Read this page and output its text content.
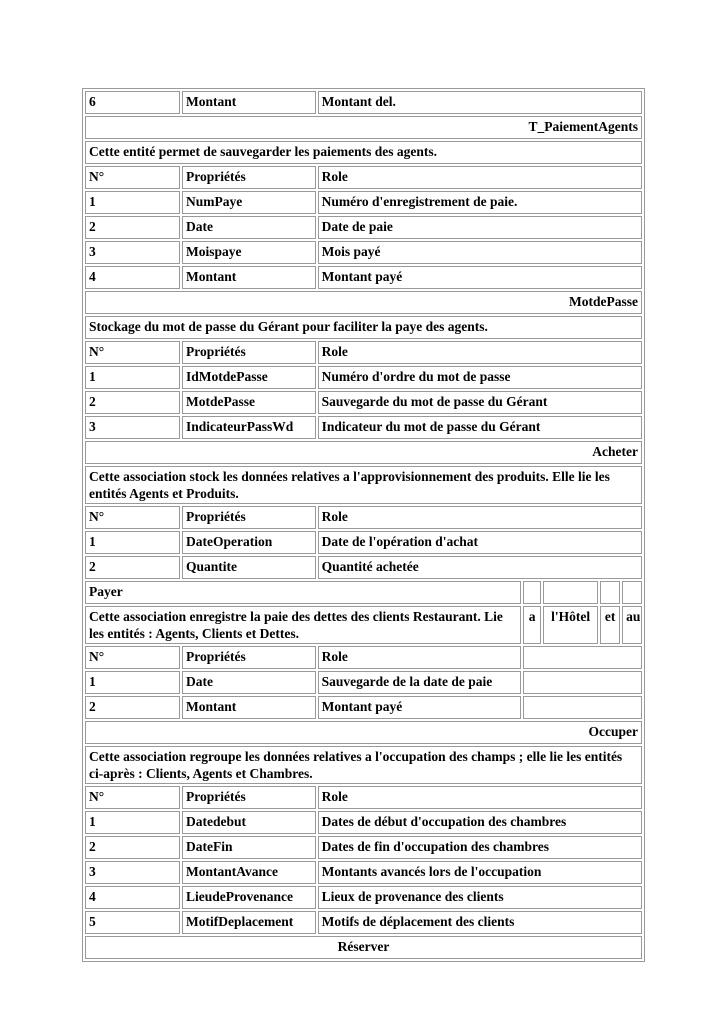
6	Montant	Montant del.				
T_PaiementAgents						
Cette entité permet de sauvegarder les paiements des agents.						
N°	Propriétés	Role				
1	NumPaye	Numéro d'enregistrement de paie.				
2	Date	Date de paie				
3	Moispaye	Mois payé				
4	Montant	Montant payé				
MotdePasse						
Stockage du mot de passe du Gérant pour faciliter la paye des agents.						
N°	Propriétés	Role				
1	IdMotdePasse	Numéro d'ordre du mot de passe				
2	MotdePasse	Sauvegarde du mot de passe du Gérant				
3	IndicateurPassWd	Indicateur du mot de passe du Gérant				
Acheter						
Cette association stock les données relatives a l'approvisionnement des produits. Elle lie les entités Agents et Produits.						
N°	Propriétés	Role				
1	DateOperation	Date de l'opération d'achat				
2	Quantite	Quantité achetée				
Payer						
Cette association enregistre la paie des dettes des clients Restaurant. Lie les entités : Agents, Clients et Dettes.			a	l'Hôtel	et	au
N°	Propriétés	Role				
1	Date	Sauvegarde de la date de paie				
2	Montant	Montant payé				
Occuper						
Cette association regroupe les données relatives a l'occupation des champs ; elle lie les entités ci-après : Clients, Agents et Chambres.						
N°	Propriétés	Role				
1	Datedebut	Dates de début d'occupation des chambres				
2	DateFin	Dates de fin d'occupation des chambres				
3	MontantAvance	Montants avancés lors de l'occupation				
4	LieudeProvenance	Lieux de provenance des clients				
5	MotifDeplacement	Motifs de déplacement des clients				
Réserver						
